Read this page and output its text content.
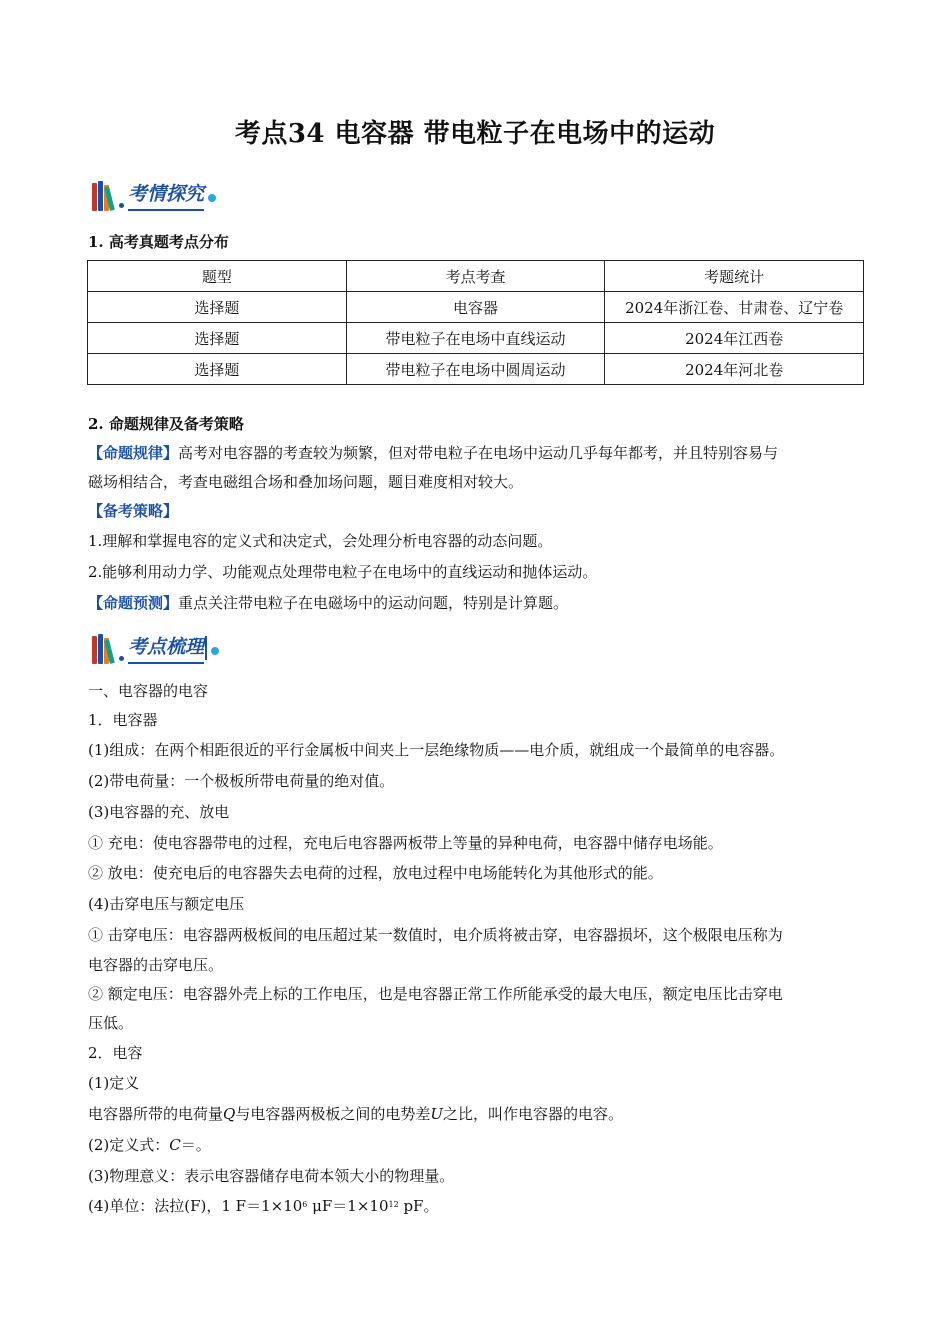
考点34 电容器 带电粒子在电场中的运动
考情探究
1. 高考真题考点分布
题型	考点考查	考题统计
选择题	电容器	2024年浙江卷、甘肃卷、辽宁卷
选择题	带电粒子在电场中直线运动	2024年江西卷
选择题	带电粒子在电场中圆周运动	2024年河北卷
2. 命题规律及备考策略
【命题规律】高考对电容器的考查较为频繁，但对带电粒子在电场中运动几乎每年都考，并且特别容易与
磁场相结合，考查电磁组合场和叠加场问题，题目难度相对较大。
【备考策略】
1.理解和掌握电容的定义式和决定式，会处理分析电容器的动态问题。
2.能够利用动力学、功能观点处理带电粒子在电场中的直线运动和抛体运动。
【命题预测】重点关注带电粒子在电磁场中的运动问题，特别是计算题。
考点梳理
一、电容器的电容
1．电容器
(1)组成：在两个相距很近的平行金属板中间夹上一层绝缘物质——电介质，就组成一个最简单的电容器。
(2)带电荷量：一个极板所带电荷量的绝对值。
(3)电容器的充、放电
① 充电：使电容器带电的过程，充电后电容器两板带上等量的异种电荷，电容器中储存电场能。
② 放电：使充电后的电容器失去电荷的过程，放电过程中电场能转化为其他形式的能。
(4)击穿电压与额定电压
① 击穿电压：电容器两极板间的电压超过某一数值时，电介质将被击穿，电容器损坏，这个极限电压称为
电容器的击穿电压。
② 额定电压：电容器外壳上标的工作电压，也是电容器正常工作所能承受的最大电压，额定电压比击穿电
压低。
2．电容
(1)定义
电容器所带的电荷量Q与电容器两极板之间的电势差U之比，叫作电容器的电容。
(2)定义式：C＝。
(3)物理意义：表示电容器储存电荷本领大小的物理量。
(4)单位：法拉(F)，1 $F=1\times 10^6$ $\mu F=1\times 10^{12}$ pF。
